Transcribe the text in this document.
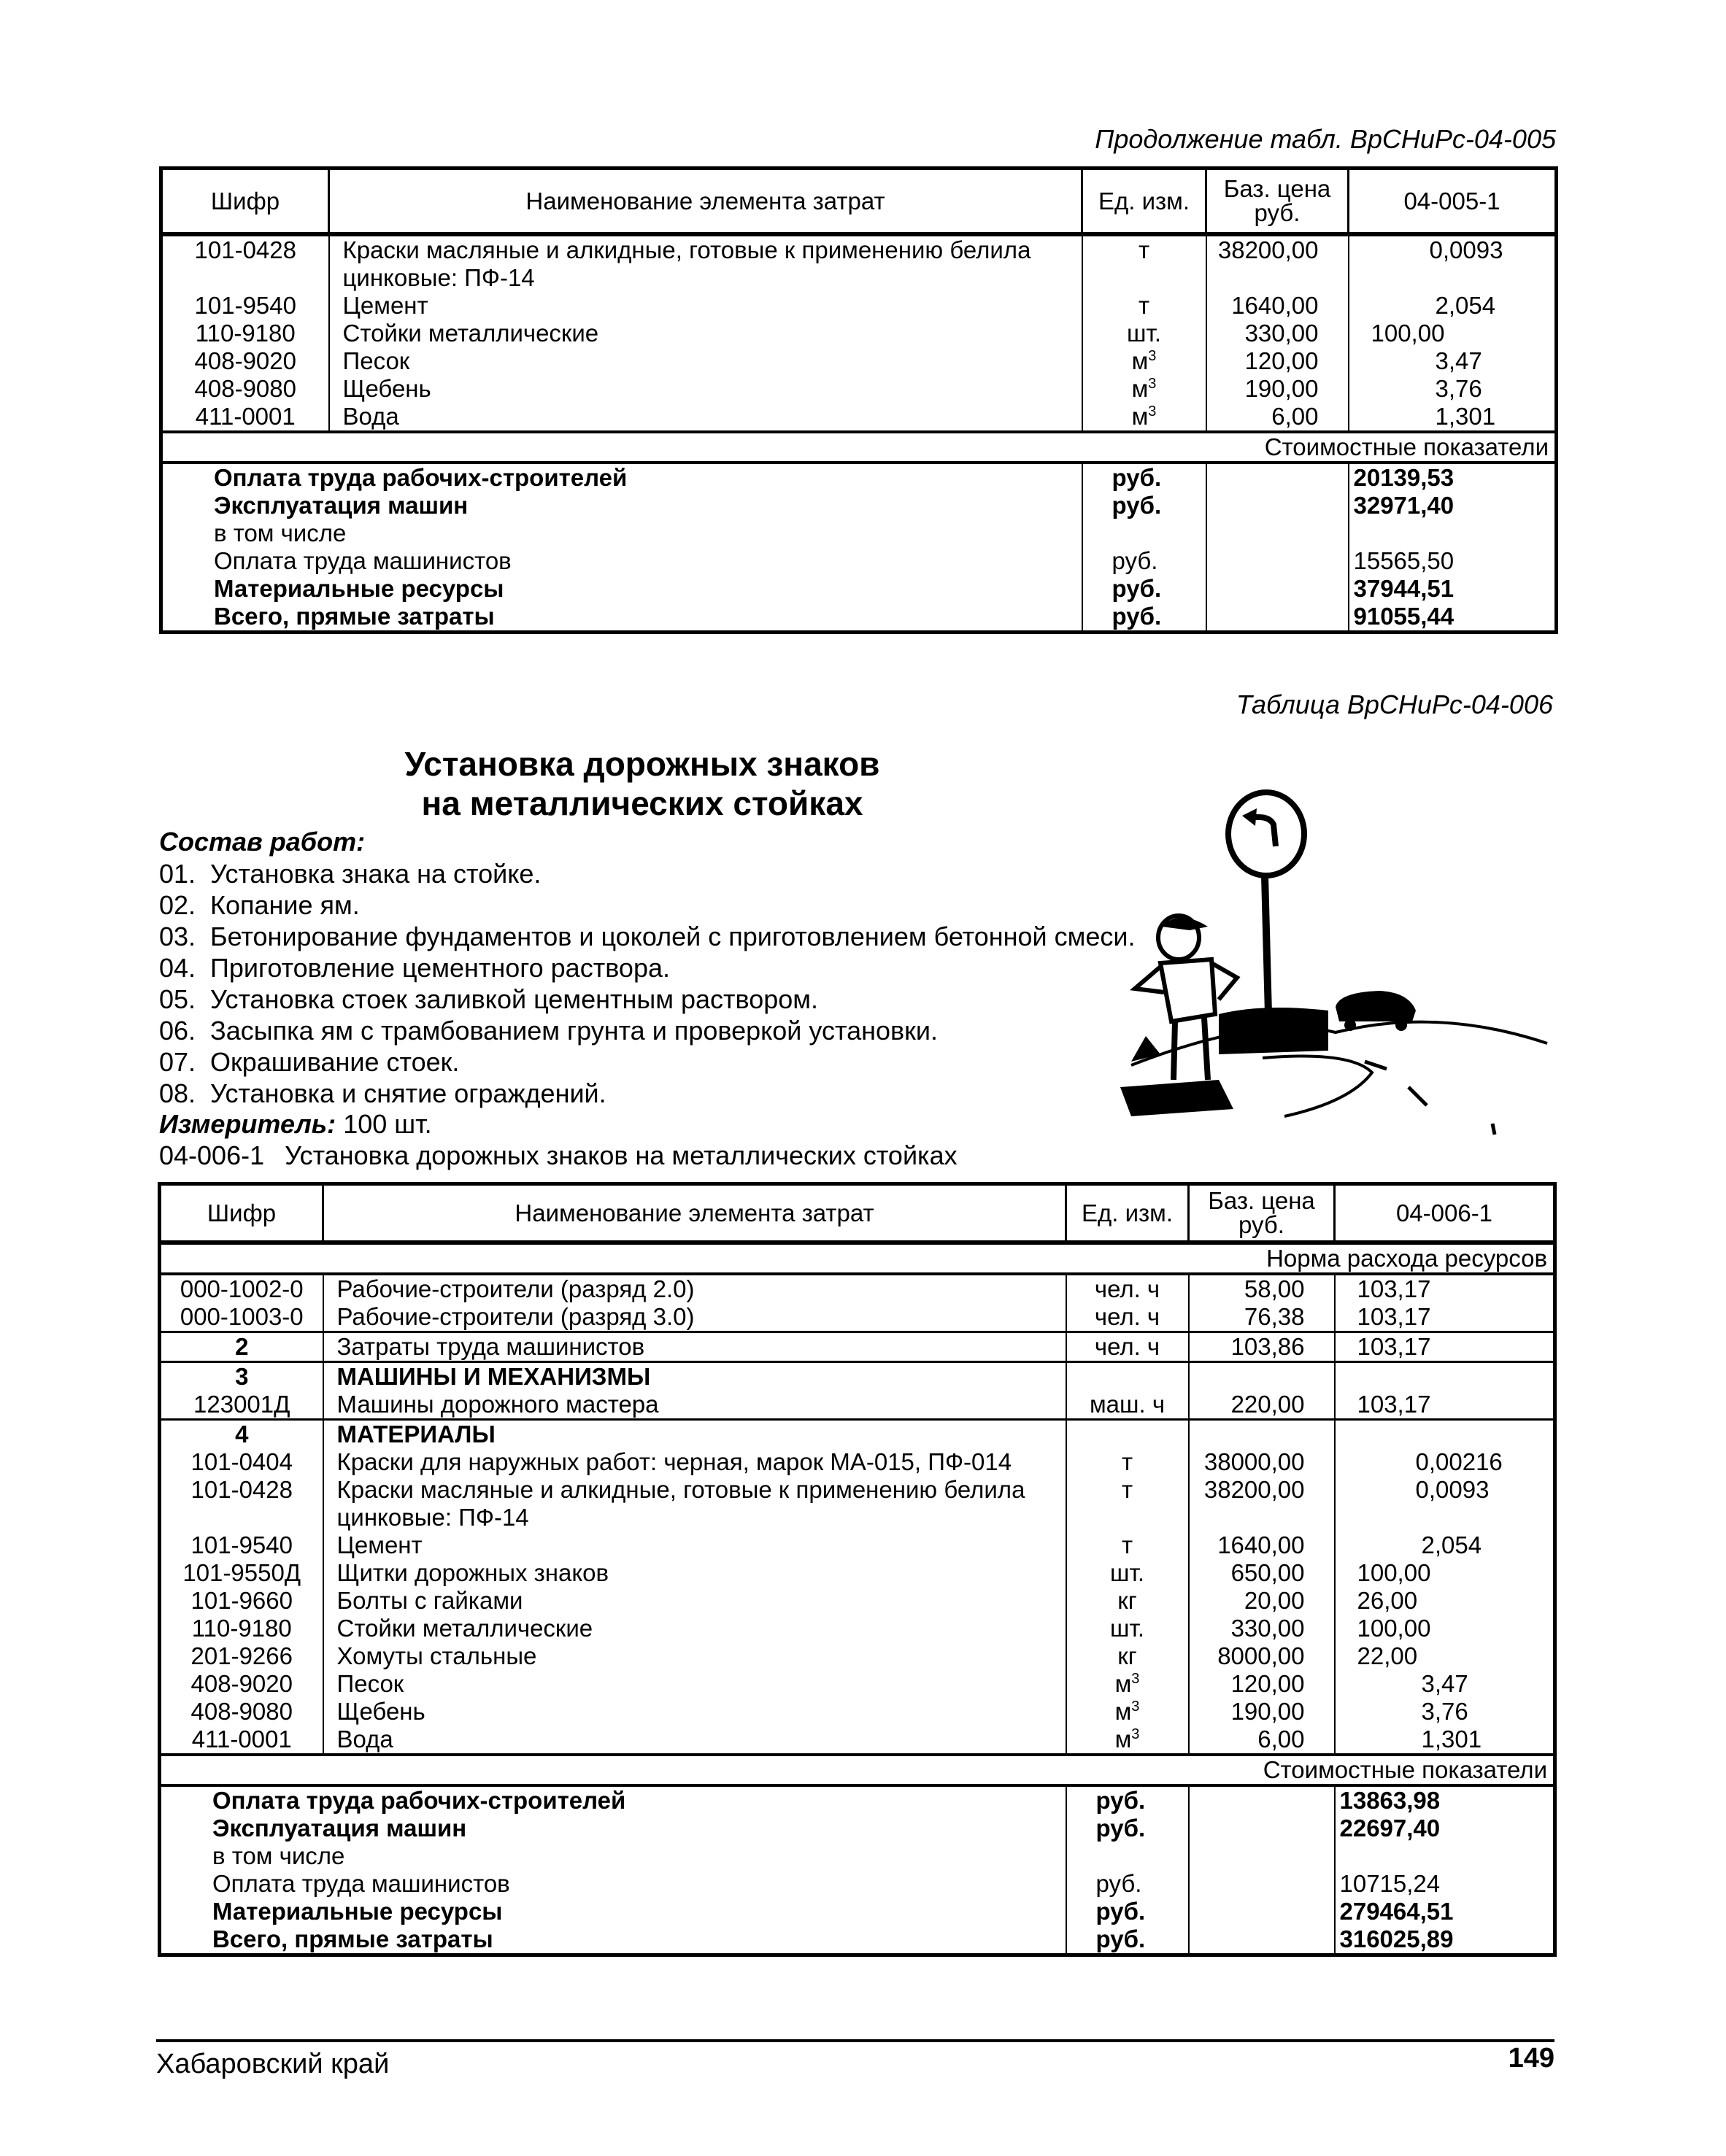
Продолжение табл. ВрСНиРс-04-005
Шифр	Наименование элемента затрат	Ед. изм.	Баз. цена руб.	04-005-1
101-0428	Краски масляные и алкидные, готовые к применению белила цинковые: ПФ-14	т	38200,00	0,0093
101-9540	Цемент	т	1640,00	2,054
110-9180	Стойки металлические	шт.	330,00	100,00
408-9020	Песок	$м^3$	120,00	3,47
408-9080	Щебень	$м^3$	190,00	3,76
411-0001	Вода	$м^3$	6,00	1,301
Стоимостные показатели				
Оплата труда рабочих-строителей		руб.		20139,53
Эксплуатация машин		руб.		32971,40
в том числе				
Оплата труда машинистов		руб.		15565,50
Материальные ресурсы		руб.		37944,51
Всего, прямые затраты		руб.		91055,44
Таблица ВрСНиРс-04-006
Установка дорожных знаков
на металлических стойках
Состав работ:
01. Установка знака на стойке.
02. Копание ям.
03. Бетонирование фундаментов и цоколей с приготовлением бетонной смеси.
04. Приготовление цементного раствора.
05. Установка стоек заливкой цементным раствором.
06. Засыпка ям с трамбованием грунта и проверкой установки.
07. Окрашивание стоек.
08. Установка и снятие ограждений.
Измеритель: 100 шт.
04-006-1 Установка дорожных знаков на металлических стойках
Шифр	Наименование элемента затрат	Ед. изм.	Баз. цена руб.	04-006-1
Норма расхода ресурсов				
000-1002-0	Рабочие-строители (разряд 2.0)	чел. ч	58,00	103,17
000-1003-0	Рабочие-строители (разряд 3.0)	чел. ч	76,38	103,17
2	Затраты труда машинистов	чел. ч	103,86	103,17
3	МАШИНЫ И МЕХАНИЗМЫ			
123001Д	Машины дорожного мастера	маш. ч	220,00	103,17
4	МАТЕРИАЛЫ			
101-0404	Краски для наружных работ: черная, марок МА-015, ПФ-014	т	38000,00	0,00216
101-0428	Краски масляные и алкидные, готовые к применению белила цинковые: ПФ-14	т	38200,00	0,0093
101-9540	Цемент	т	1640,00	2,054
101-9550Д	Щитки дорожных знаков	шт.	650,00	100,00
101-9660	Болты с гайками	кг	20,00	26,00
110-9180	Стойки металлические	шт.	330,00	100,00
201-9266	Хомуты стальные	кг	8000,00	22,00
408-9020	Песок	$м^3$	120,00	3,47
408-9080	Щебень	$м^3$	190,00	3,76
411-0001	Вода	$м^3$	6,00	1,301
Стоимостные показатели				
Оплата труда рабочих-строителей		руб.		13863,98
Эксплуатация машин		руб.		22697,40
в том числе				
Оплата труда машинистов		руб.		10715,24
Материальные ресурсы		руб.		279464,51
Всего, прямые затраты		руб.		316025,89
Хабаровский край	149
